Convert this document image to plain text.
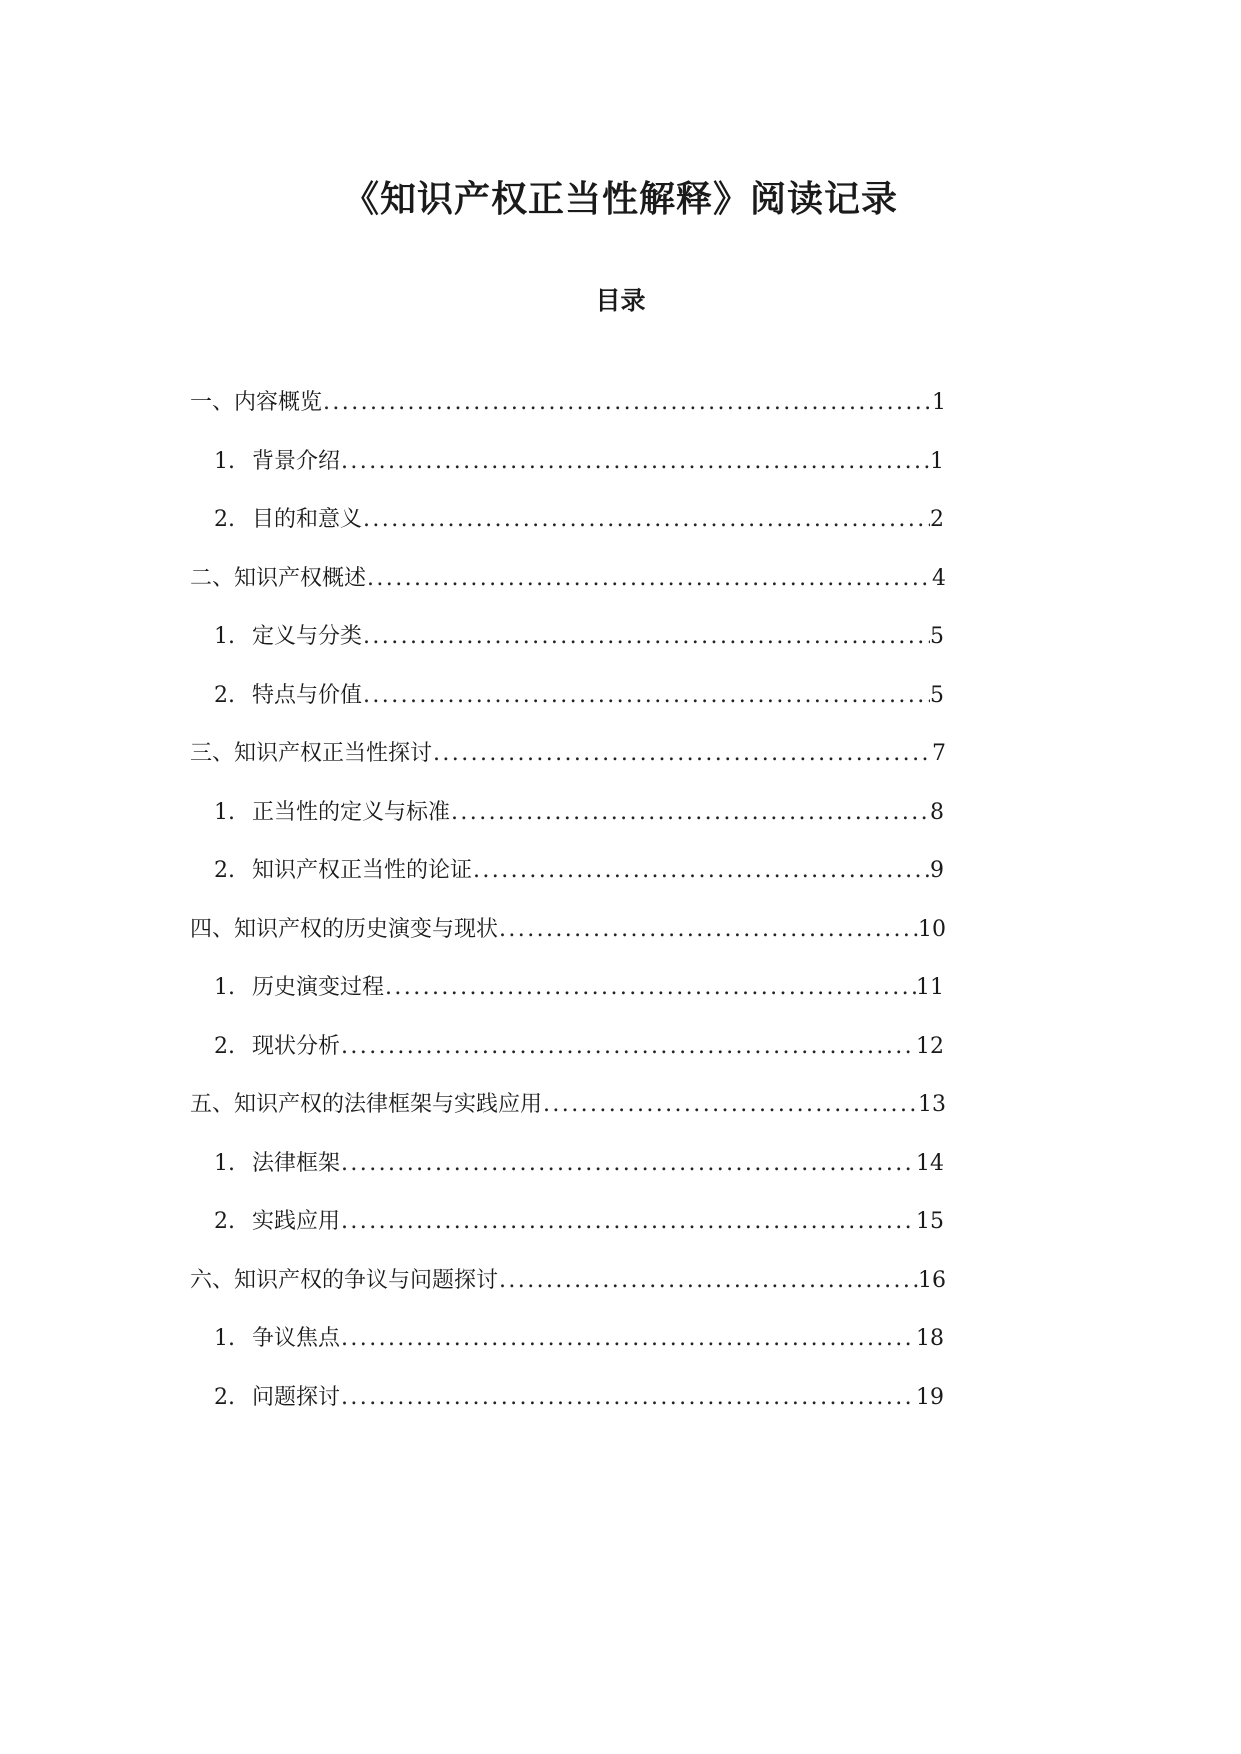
《知识产权正当性解释》阅读记录
目录
一、内容概览 .....	1
1. 背景介绍 .....	1
2. 目的和意义 .....	2
二、知识产权概述 .....	4
1. 定义与分类 .....	5
2. 特点与价值 .....	5
三、知识产权正当性探讨 .....	7
1. 正当性的定义与标准 .....	8
2. 知识产权正当性的论证 .....	9
四、知识产权的历史演变与现状 .....	10
1. 历史演变过程 .....	11
2. 现状分析 .....	12
五、知识产权的法律框架与实践应用 .....	13
1. 法律框架 .....	14
2. 实践应用 .....	15
六、知识产权的争议与问题探讨 .....	16
1. 争议焦点 .....	18
2. 问题探讨 .....	19
